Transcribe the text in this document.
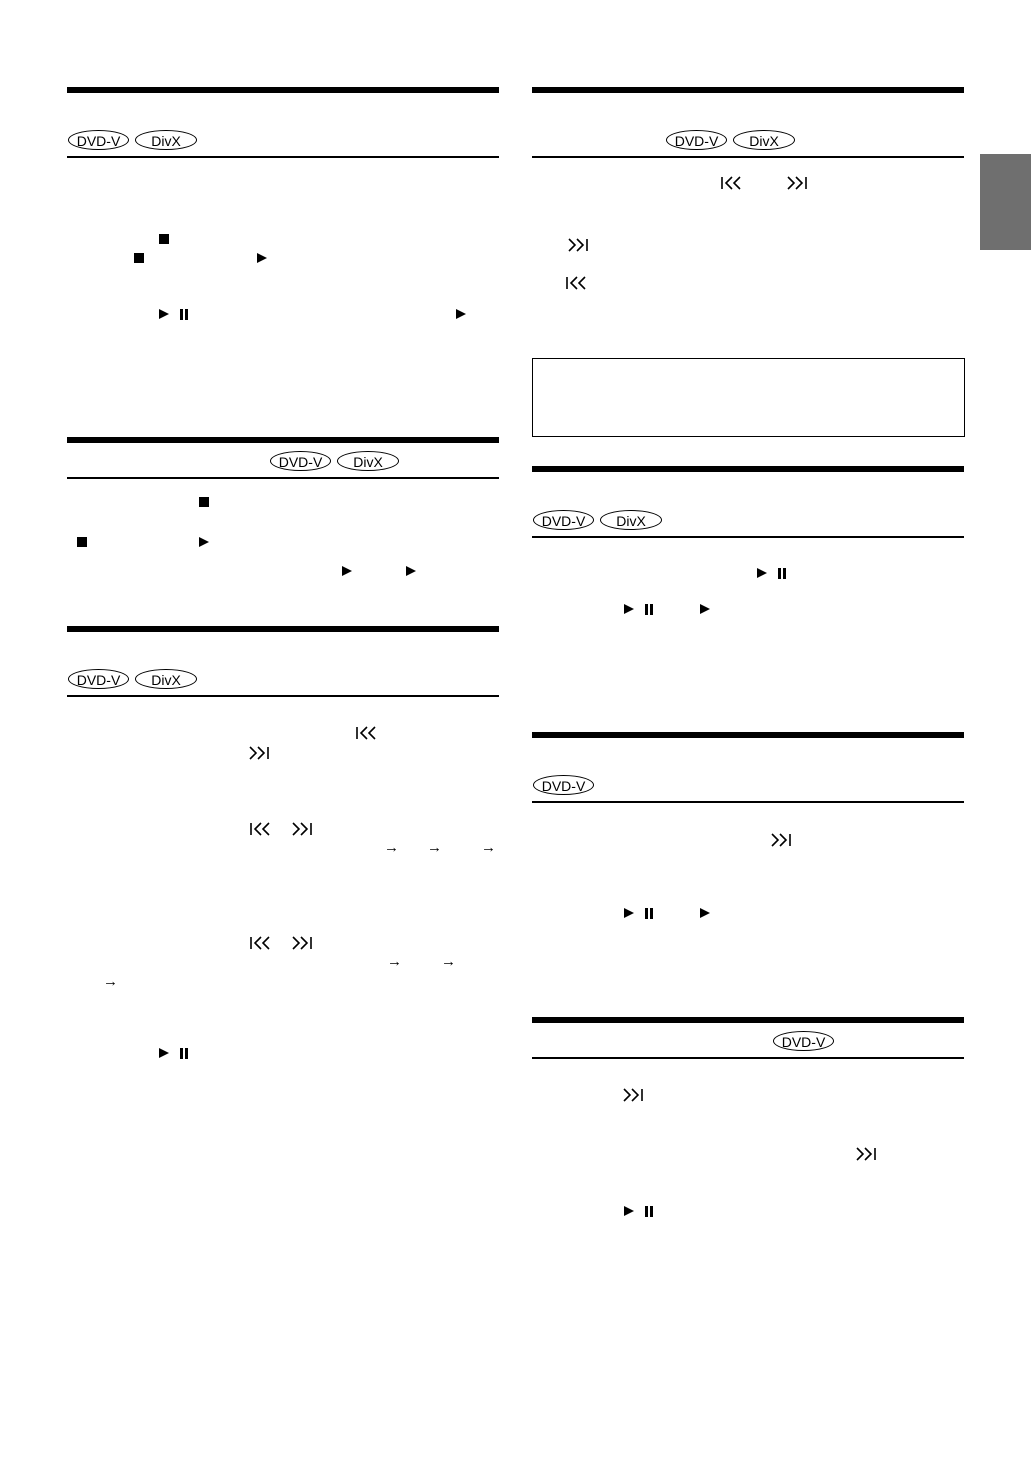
DVD-V	DivX
DVD-V	DivX
DVD-V	DivX
→ →	→
→	→
→
DVD-V	DivX
DVD-V	DivX
DVD-V
DVD-V
